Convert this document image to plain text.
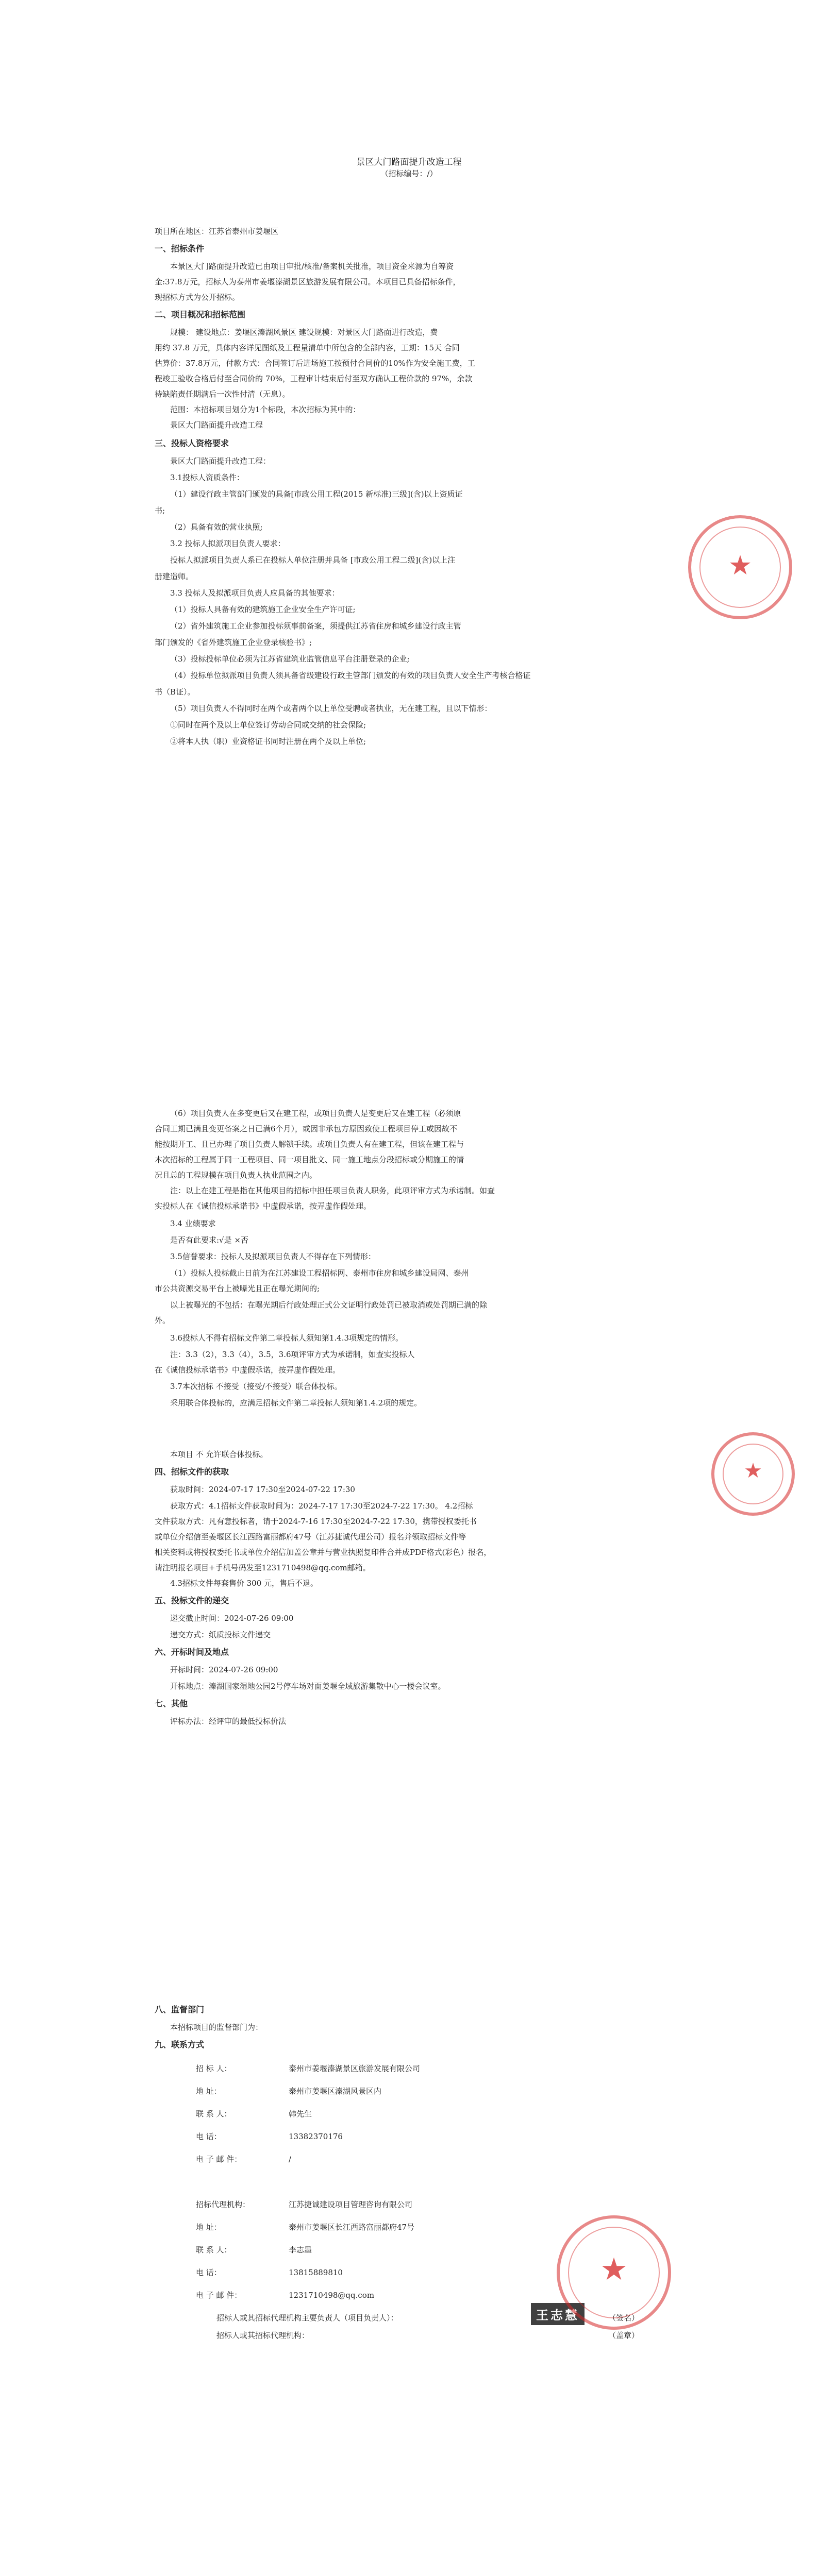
景区大门路面提升改造工程
（招标编号：/）
项目所在地区：江苏省泰州市姜堰区
一、招标条件
本景区大门路面提升改造已由项目审批/核准/备案机关批准，项目资金来源为自筹资
金:37.8万元，招标人为泰州市姜堰溱湖景区旅游发展有限公司。本项目已具备招标条件，
现招标方式为公开招标。
二、项目概况和招标范围
规模： 建设地点：姜堰区溱湖风景区 建设规模：对景区大门路面进行改造，费
用约 37.8 万元，具体内容详见图纸及工程量清单中所包含的全部内容，工期：15天 合同
估算价：37.8万元，付款方式：合同签订后进场施工按预付合同价的10%作为安全施工费，工
程竣工验收合格后付至合同价的 70%，工程审计结束后付至双方确认工程价款的 97%，余款
待缺陷责任期满后一次性付清（无息）。
范围：本招标项目划分为1个标段，本次招标为其中的：
景区大门路面提升改造工程
三、投标人资格要求
景区大门路面提升改造工程：
3.1投标人资质条件：
（1）建设行政主管部门颁发的具备[市政公用工程(2015 新标准)三级](含)以上资质证
书;
（2）具备有效的营业执照;
3.2 投标人拟派项目负责人要求：
投标人拟派项目负责人系已在投标人单位注册并具备 [市政公用工程二级](含)以上注
册建造师。
3.3 投标人及拟派项目负责人应具备的其他要求：
（1）投标人具备有效的建筑施工企业安全生产许可证;
（2）省外建筑施工企业参加投标须事前备案，须提供江苏省住房和城乡建设行政主管
部门颁发的《省外建筑施工企业登录核验书》;
（3）投标投标单位必须为江苏省建筑业监管信息平台注册登录的企业;
（4）投标单位拟派项目负责人须具备省级建设行政主管部门颁发的有效的项目负责人安全生产考核合格证
书（B证）。
（5）项目负责人不得同时在两个或者两个以上单位受聘或者执业，无在建工程，且以下情形：
①同时在两个及以上单位签订劳动合同或交纳的社会保险;
②将本人执（职）业资格证书同时注册在两个及以上单位;
（6）项目负责人在多变更后又在建工程，或项目负责人是变更后又在建工程（必须原
合同工期已满且变更备案之日已满6个月），或因非承包方原因致使工程项目停工或因故不
能按期开工、且已办理了项目负责人解锁手续。或项目负责人有在建工程，但该在建工程与
本次招标的工程属于同一工程项目、同一项目批文、同一施工地点分段招标或分期施工的情
况且总的工程规模在项目负责人执业范围之内。
注：以上在建工程是指在其他项目的招标中担任项目负责人职务，此项评审方式为承诺制。如查
实投标人在《诚信投标承诺书》中虚假承诺，按弄虚作假处理。
3.4 业绩要求
是否有此要求:√是 ×否
3.5信誉要求：投标人及拟派项目负责人不得存在下列情形：
（1）投标人投标截止日前为在江苏建设工程招标网、泰州市住房和城乡建设局网、泰州
市公共资源交易平台上被曝光且正在曝光期间的;
以上被曝光的不包括：在曝光期后行政处理正式公文证明行政处罚已被取消或处罚期已满的除
外。
3.6投标人不得有招标文件第二章投标人须知第1.4.3项规定的情形。
注：3.3（2），3.3（4），3.5，3.6项评审方式为承诺制，如查实投标人
在《诚信投标承诺书》中虚假承诺，按弄虚作假处理。
3.7本次招标 不接受（接受/不接受）联合体投标。
采用联合体投标的，应满足招标文件第二章投标人须知第1.4.2项的规定。
本项目 不 允许联合体投标。
四、招标文件的获取
获取时间：2024-07-17 17:30至2024-07-22 17:30
获取方式：4.1招标文件获取时间为：2024-7-17 17:30至2024-7-22 17:30。 4.2招标
文件获取方式：凡有意投标者，请于2024-7-16 17:30至2024-7-22 17:30，携带授权委托书
或单位介绍信至姜堰区长江西路富丽都府47号（江苏捷诚代理公司）报名并领取招标文件等
相关资料或将授权委托书或单位介绍信加盖公章并与营业执照复印件合并成PDF格式(彩色）报名，
请注明报名项目+手机号码发至1231710498@qq.com邮箱。
4.3招标文件每套售价 300 元，售后不退。
五、投标文件的递交
递交截止时间：2024-07-26 09:00
递交方式：纸质投标文件递交
六、开标时间及地点
开标时间：2024-07-26 09:00
开标地点：溱湖国家湿地公园2号停车场对面姜堰全域旅游集散中心一楼会议室。
七、其他
评标办法：经评审的最低投标价法
八、监督部门
本招标项目的监督部门为：
九、联系方式
招 标 人：	泰州市姜堰溱湖景区旅游发展有限公司
地 址：	泰州市姜堰区溱湖风景区内
联 系 人：	韩先生
电 话：	13382370176
电 子 邮 件：	/
招标代理机构：	江苏捷诚建设项目管理咨询有限公司
地 址：	泰州市姜堰区长江西路富丽都府47号
联 系 人：	李志墨
电 话：	13815889810
电 子 邮 件：	1231710498@qq.com
招标人或其招标代理机构主要负责人（项目负责人）：	（签名）
招标人或其招标代理机构：	（盖章）
王志慧
★
★
★
